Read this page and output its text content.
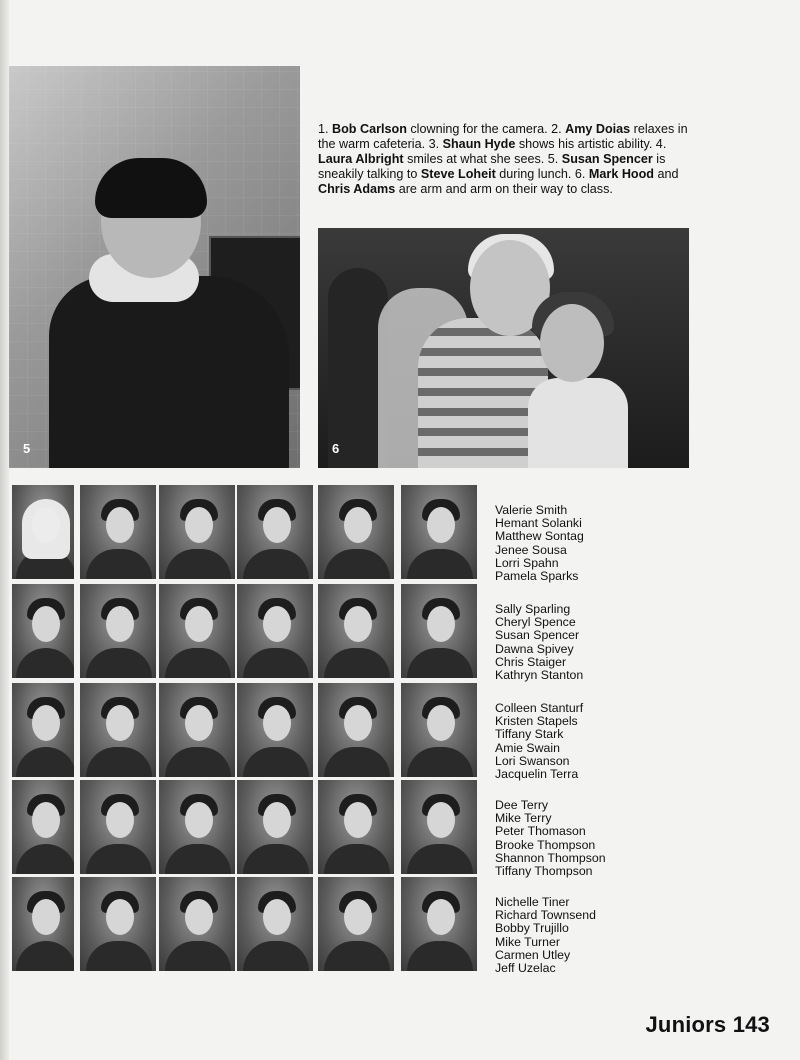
5
1. Bob Carlson clowning for the camera. 2. Amy Doias relaxes in the warm cafeteria. 3. Shaun Hyde shows his artistic ability. 4. Laura Albright smiles at what she sees. 5. Susan Spencer is sneakily talking to Steve Loheit during lunch. 6. Mark Hood and Chris Adams are arm and arm on their way to class.
6
Juniors 143
Valerie Smith
Hemant Solanki
Matthew Sontag
Jenee Sousa
Lorri Spahn
Pamela Sparks
Sally Sparling
Cheryl Spence
Susan Spencer
Dawna Spivey
Chris Staiger
Kathryn Stanton
Colleen Stanturf
Kristen Stapels
Tiffany Stark
Amie Swain
Lori Swanson
Jacquelin Terra
Dee Terry
Mike Terry
Peter Thomason
Brooke Thompson
Shannon Thompson
Tiffany Thompson
Nichelle Tiner
Richard Townsend
Bobby Trujillo
Mike Turner
Carmen Utley
Jeff Uzelac
